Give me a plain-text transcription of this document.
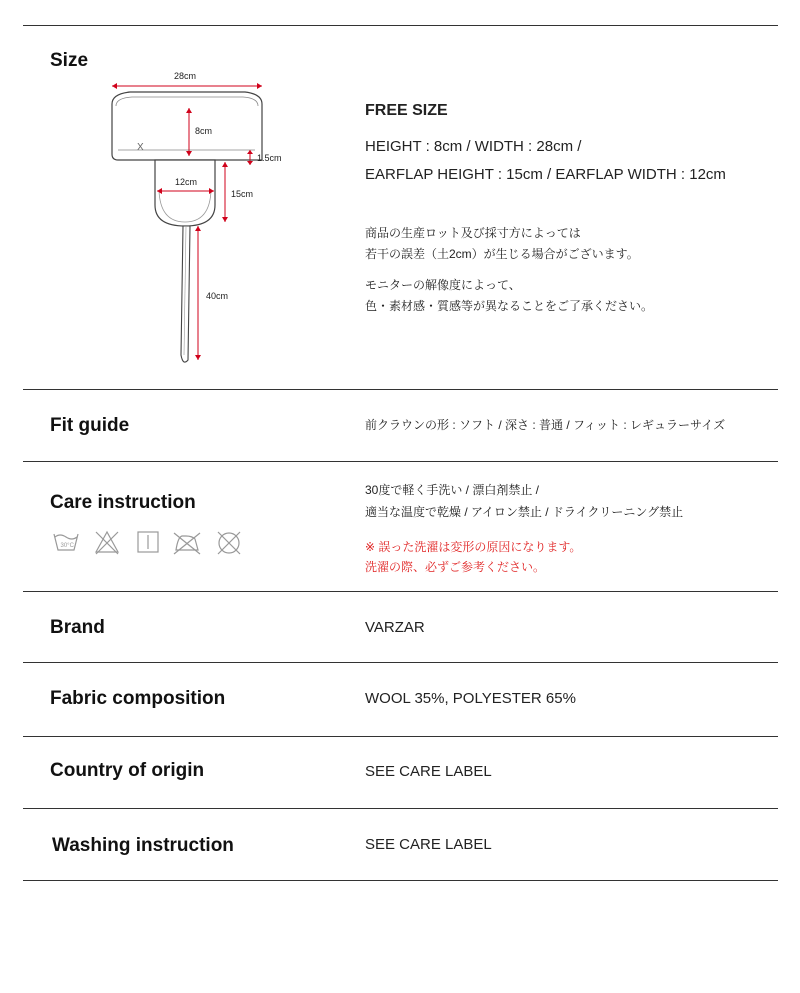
Size
X
28cm
8cm
1.5cm
12cm
15cm
40cm
FREE SIZE
HEIGHT : 8cm / WIDTH : 28cm /
EARFLAP HEIGHT : 15cm / EARFLAP WIDTH : 12cm
商品の生産ロット及び採寸方によっては
若干の誤差（土2cm）が生じる場合がございます。
モニターの解像度によって、
色・素材感・質感等が異なることをご了承ください。
Fit guide	前クラウンの形 : ソフト / 深さ : 普通 / フィット : レギュラーサイズ
Care instruction
30°C
30度で軽く手洗い / 漂白剤禁止 /
適当な温度で乾燥 / アイロン禁止 / ドライクリーニング禁止
※ 誤った洗濯は変形の原因になります。
洗濯の際、必ずご参考ください。
Brand	VARZAR
Fabric composition	WOOL 35%, POLYESTER 65%
Country of origin	SEE CARE LABEL
Washing instruction	SEE CARE LABEL
